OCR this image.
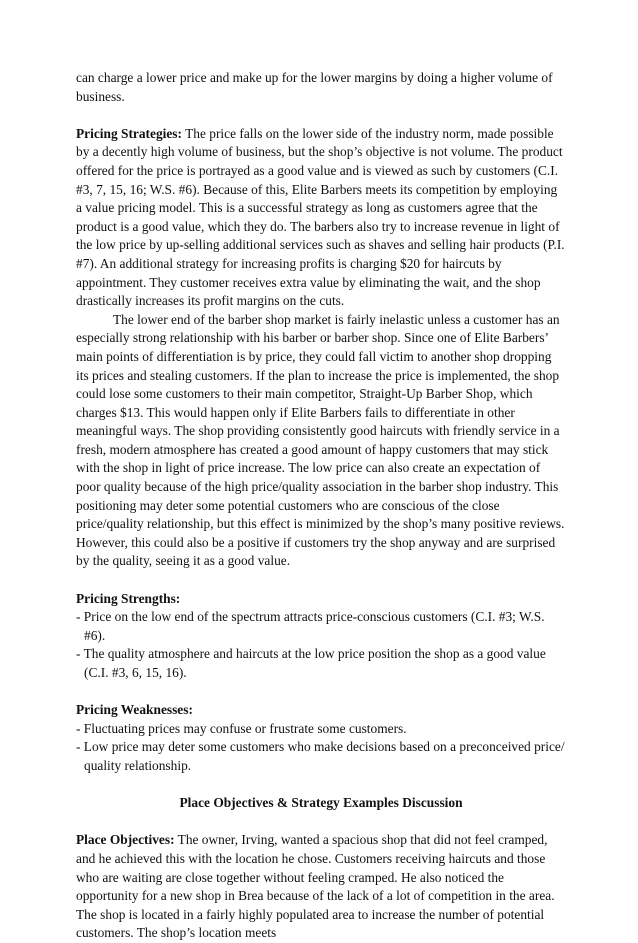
can charge a lower price and make up for the lower margins by doing a higher volume of business.

Pricing Strategies: The price falls on the lower side of the industry norm, made possible by a decently high volume of business, but the shop’s objective is not volume. The product offered for the price is portrayed as a good value and is viewed as such by customers (C.I. #3, 7, 15, 16; W.S. #6). Because of this, Elite Barbers meets its competition by employing a value pricing model. This is a successful strategy as long as customers agree that the product is a good value, which they do. The barbers also try to increase revenue in light of the low price by up-selling additional services such as shaves and selling hair products (P.I. #7). An additional strategy for increasing profits is charging $20 for haircuts by appointment. They customer receives extra value by eliminating the wait, and the shop drastically increases its profit margins on the cuts.

The lower end of the barber shop market is fairly inelastic unless a customer has an especially strong relationship with his barber or barber shop. Since one of Elite Barbers’ main points of differentiation is by price, they could fall victim to another shop dropping its prices and stealing customers. If the plan to increase the price is implemented, the shop could lose some customers to their main competitor, Straight-Up Barber Shop, which charges $13. This would happen only if Elite Barbers fails to differentiate in other meaningful ways. The shop providing consistently good haircuts with friendly service in a fresh, modern atmosphere has created a good amount of happy customers that may stick with the shop in light of price increase. The low price can also create an expectation of poor quality because of the high price/quality association in the barber shop industry. This positioning may deter some potential customers who are conscious of the close price/quality relationship, but this effect is minimized by the shop’s many positive reviews. However, this could also be a positive if customers try the shop anyway and are surprised by the quality, seeing it as a good value.

Pricing Strengths:

- Price on the low end of the spectrum attracts price-conscious customers (C.I. #3; W.S. #6).

- The quality atmosphere and haircuts at the low price position the shop as a good value (C.I. #3, 6, 15, 16).

Pricing Weaknesses:

- Fluctuating prices may confuse or frustrate some customers.

- Low price may deter some customers who make decisions based on a preconceived price/ quality relationship.

Place Objectives & Strategy Examples Discussion

Place Objectives: The owner, Irving, wanted a spacious shop that did not feel cramped, and he achieved this with the location he chose. Customers receiving haircuts and those who are waiting are close together without feeling cramped. He also noticed the opportunity for a new shop in Brea because of the lack of a lot of competition in the area. The shop is located in a fairly highly populated area to increase the number of potential customers. The shop’s location meets
